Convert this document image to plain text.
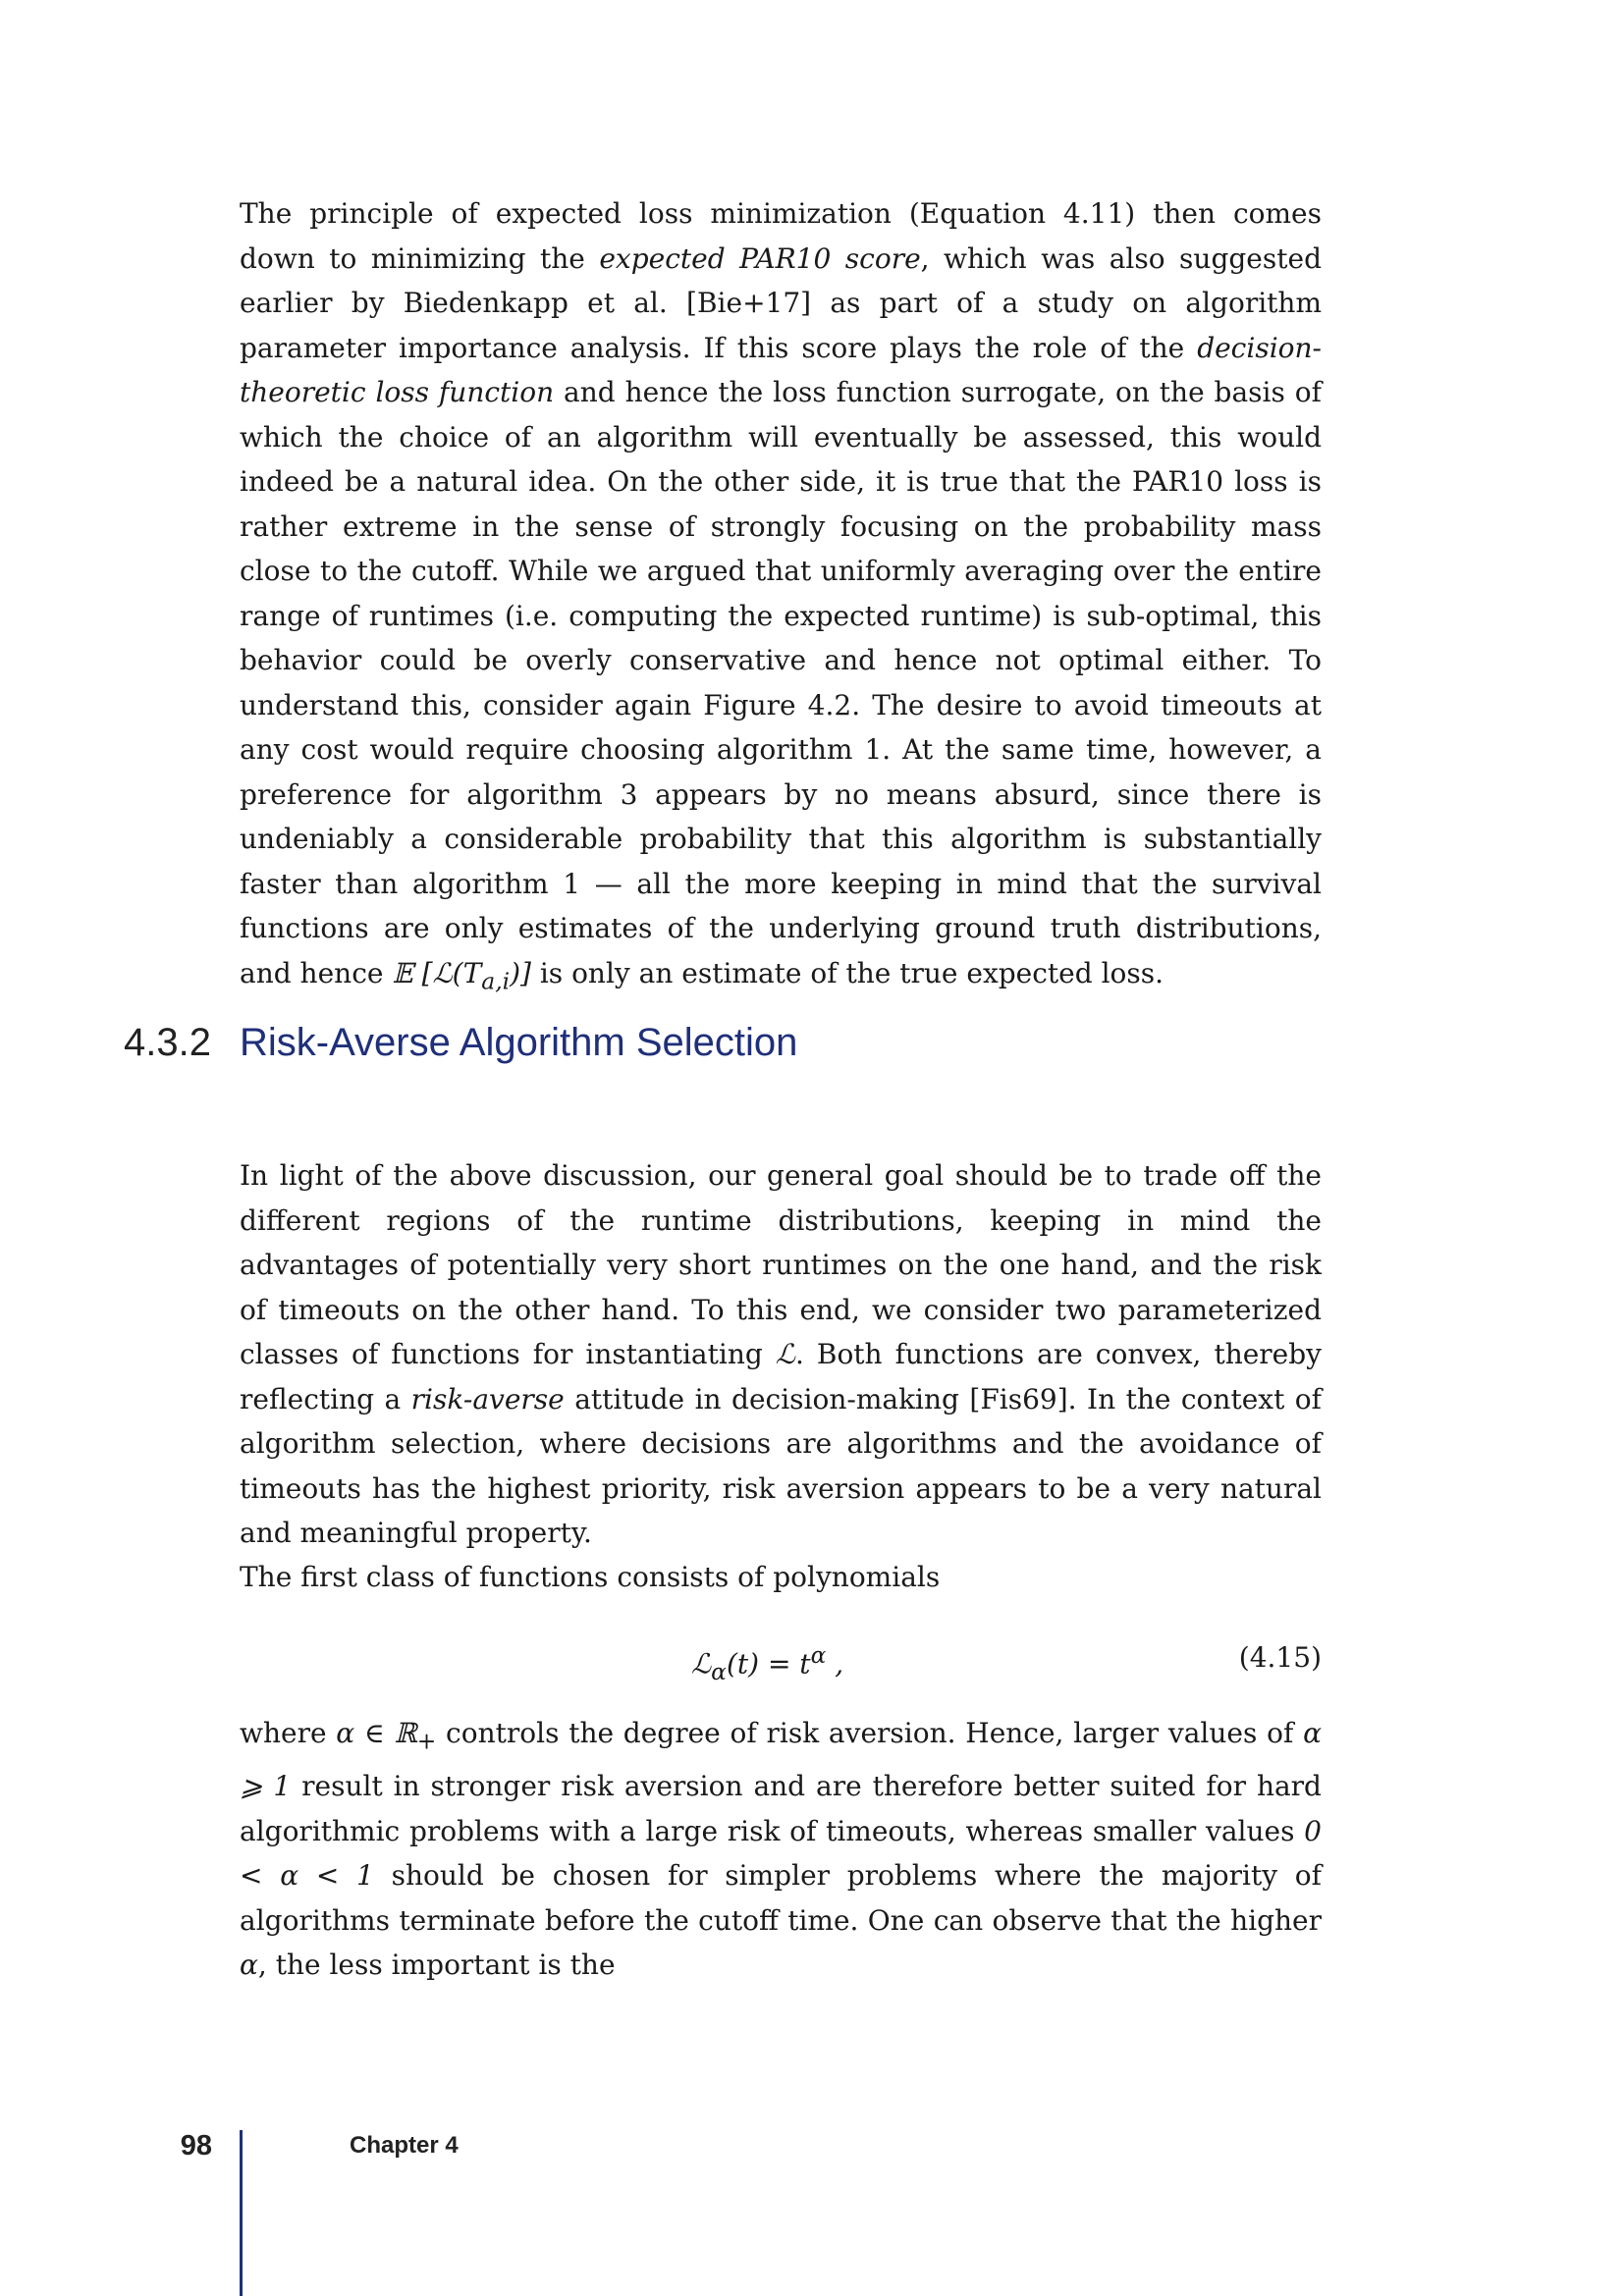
The principle of expected loss minimization (Equation 4.11) then comes down to minimizing the expected PAR10 score, which was also suggested earlier by Biedenkapp et al. [Bie+17] as part of a study on algorithm parameter importance analysis. If this score plays the role of the decision-theoretic loss function and hence the loss function surrogate, on the basis of which the choice of an algorithm will eventually be assessed, this would indeed be a natural idea. On the other side, it is true that the PAR10 loss is rather extreme in the sense of strongly focusing on the probability mass close to the cutoff. While we argued that uniformly averaging over the entire range of runtimes (i.e. computing the expected runtime) is sub-optimal, this behavior could be overly conservative and hence not optimal either. To understand this, consider again Figure 4.2. The desire to avoid timeouts at any cost would require choosing algorithm 1. At the same time, however, a preference for algorithm 3 appears by no means absurd, since there is undeniably a considerable probability that this algorithm is substantially faster than algorithm 1 — all the more keeping in mind that the survival functions are only estimates of the underlying ground truth distributions, and hence 𝔼 $[ℒ(T_{a,i})]$ is only an estimate of the true expected loss.

4.3.2 Risk-Averse Algorithm Selection

In light of the above discussion, our general goal should be to trade off the different regions of the runtime distributions, keeping in mind the advantages of potentially very short runtimes on the one hand, and the risk of timeouts on the other hand. To this end, we consider two parameterized classes of functions for instantiating ℒ. Both functions are convex, thereby reflecting a risk-averse attitude in decision-making [Fis69]. In the context of algorithm selection, where decisions are algorithms and the avoidance of timeouts has the highest priority, risk aversion appears to be a very natural and meaningful property.

The first class of functions consists of polynomials

ℒ$_\alpha$(t) = $t^\alpha$ ,	(4.15)

where α ∈ ℝ$_+$ controls the degree of risk aversion. Hence, larger values of α ⩾ 1 result in stronger risk aversion and are therefore better suited for hard algorithmic problems with a large risk of timeouts, whereas smaller values 0 < α < 1 should be chosen for simpler problems where the majority of algorithms terminate before the cutoff time. One can observe that the higher α, the less important is the

98	Chapter 4
